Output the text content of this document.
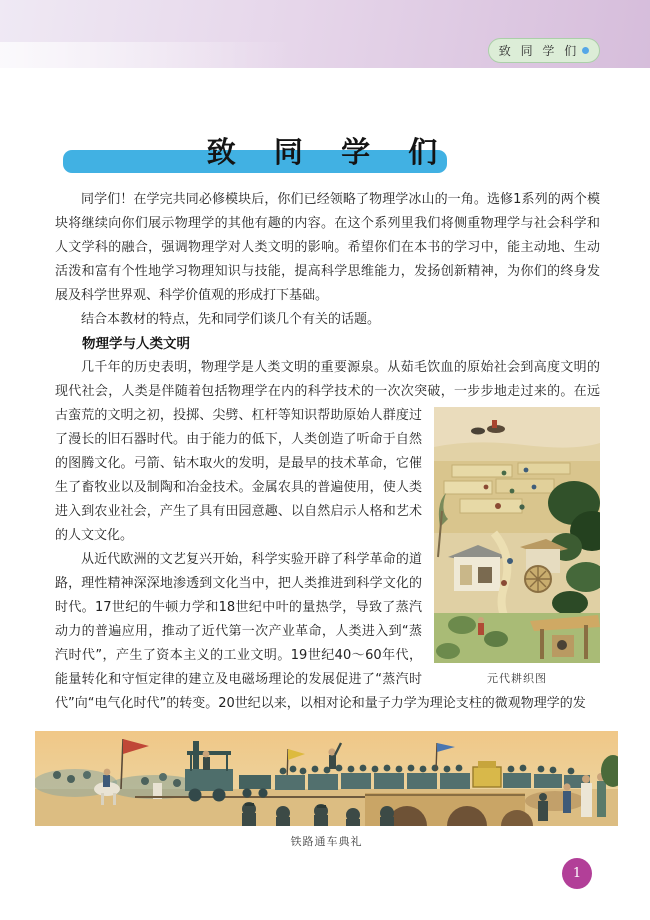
致 同 学 们
致  同  学  们

同学们！在学完共同必修模块后，你们已经领略了物理学冰山的一角。选修1系列的两个模块将继续向你们展示物理学的其他有趣的内容。在这个系列里我们将侧重物理学与社会科学和人文学科的融合，强调物理学对人类文明的影响。希望你们在本书的学习中，能主动地、生动活泼和富有个性地学习物理知识与技能，提高科学思维能力，发扬创新精神，为你们的终身发展及科学世界观、科学价值观的形成打下基础。

结合本教材的特点，先和同学们谈几个有关的话题。

物理学与人类文明

几千年的历史表明，物理学是人类文明的重要源泉。从茹毛饮血的原始社会到高度文明的现代社会，人类是伴随着包括物理学在内的科学技术的一次次突破，一步步地走过来的。在远古蛮荒的文明之初，投掷、尖劈、杠杆等知识帮
元代耕织图
助原始人群度过了漫长的旧石器时代。由于能力的低下，人类创造了听命于自然的图腾文化。弓箭、钻木取火的发明，是最早的技术革命，它催生了畜牧业以及制陶和冶金技术。金属农具的普遍使用，使人类进入到农业社会，产生了具有田园意趣、以自然启示人格和艺术的人文文化。

从近代欧洲的文艺复兴开始，科学实验开辟了科学革命的道路，理性精神深深地渗透到文化当中，把人类推进到科学文化的时代。17世纪的牛顿力学和18世纪中叶的量热学，导致了蒸汽动力的普遍应用，推动了近代第一次产业革命，人类进入到“蒸汽时代”，产生了资本主义的工业文明。19世纪40～60年代，能量转化和守恒定律的建立及电磁场理论的发展促进了“蒸汽时代”向“电气化时代”的转变。20世纪以来，以相对论和量子力学为理论支柱的微观物理学的发

铁路通车典礼
1
